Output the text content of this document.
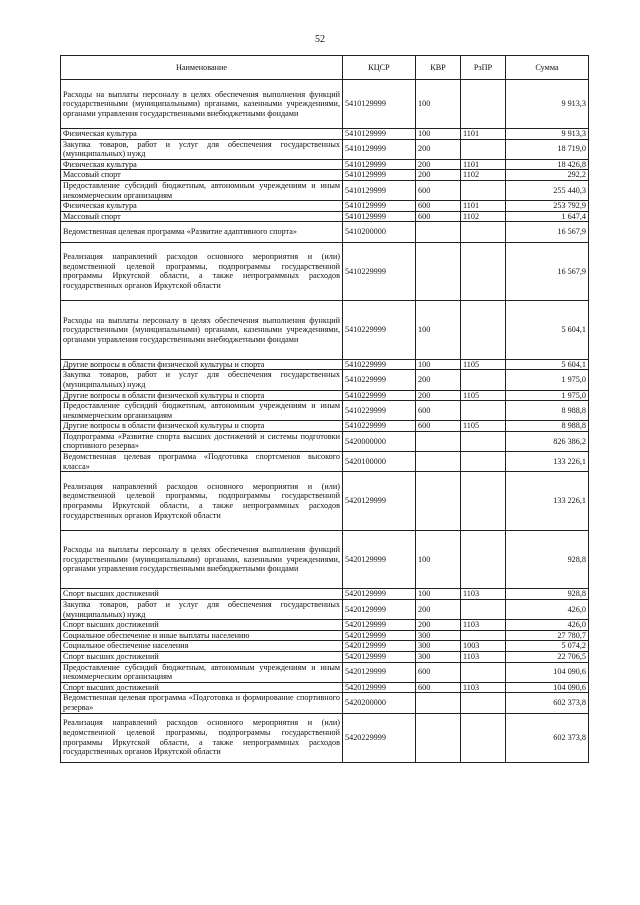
52
Наименование	КЦСР	КВР	РзПР	Сумма
Расходы на выплаты персоналу в целях обеспечения выполнения функций государственными (муниципальными) органами, казенными учреждениями, органами управления государственными внебюджетными фондами	5410129999	100		9 913,3
Физическая культура	5410129999	100	1101	9 913,3
Закупка товаров, работ и услуг для обеспечения государственных (муниципальных) нужд	5410129999	200		18 719,0
Физическая культура	5410129999	200	1101	18 426,8
Массовый спорт	5410129999	200	1102	292,2
Предоставление субсидий бюджетным, автономным учреждениям и иным некоммерческим организациям	5410129999	600		255 440,3
Физическая культура	5410129999	600	1101	253 792,9
Массовый спорт	5410129999	600	1102	1 647,4
Ведомственная целевая программа «Развитие адаптивного спорта»	5410200000			16 567,9
Реализация направлений расходов основного мероприятия и (или) ведомственной целевой программы, подпрограммы государственной программы Иркутской области, а также непрограммных расходов государственных органов Иркутской области	5410229999			16 567,9
Расходы на выплаты персоналу в целях обеспечения выполнения функций государственными (муниципальными) органами, казенными учреждениями, органами управления государственными внебюджетными фондами	5410229999	100		5 604,1
Другие вопросы в области физической культуры и спорта	5410229999	100	1105	5 604,1
Закупка товаров, работ и услуг для обеспечения государственных (муниципальных) нужд	5410229999	200		1 975,0
Другие вопросы в области физической культуры и спорта	5410229999	200	1105	1 975,0
Предоставление субсидий бюджетным, автономным учреждениям и иным некоммерческим организациям	5410229999	600		8 988,8
Другие вопросы в области физической культуры и спорта	5410229999	600	1105	8 988,8
Подпрограмма «Развитие спорта высших достижений и системы подготовки спортивного резерва»	5420000000			826 386,2
Ведомственная целевая программа «Подготовка спортсменов высокого класса»	5420100000			133 226,1
Реализация направлений расходов основного мероприятия и (или) ведомственной целевой программы, подпрограммы государственной программы Иркутской области, а также непрограммных расходов государственных органов Иркутской области	5420129999			133 226,1
Расходы на выплаты персоналу в целях обеспечения выполнения функций государственными (муниципальными) органами, казенными учреждениями, органами управления государственными внебюджетными фондами	5420129999	100		928,8
Спорт высших достижений	5420129999	100	1103	928,8
Закупка товаров, работ и услуг для обеспечения государственных (муниципальных) нужд	5420129999	200		426,0
Спорт высших достижений	5420129999	200	1103	426,0
Социальное обеспечение и иные выплаты населению	5420129999	300		27 780,7
Социальное обеспечение населения	5420129999	300	1003	5 074,2
Спорт высших достижений	5420129999	300	1103	22 706,5
Предоставление субсидий бюджетным, автономным учреждениям и иным некоммерческим организациям	5420129999	600		104 090,6
Спорт высших достижений	5420129999	600	1103	104 090,6
Ведомственная целевая программа «Подготовка и формирование спортивного резерва»	5420200000			602 373,8
Реализация направлений расходов основного мероприятия и (или) ведомственной целевой программы, подпрограммы государственной программы Иркутской области, а также непрограммных расходов государственных органов Иркутской области	5420229999			602 373,8
